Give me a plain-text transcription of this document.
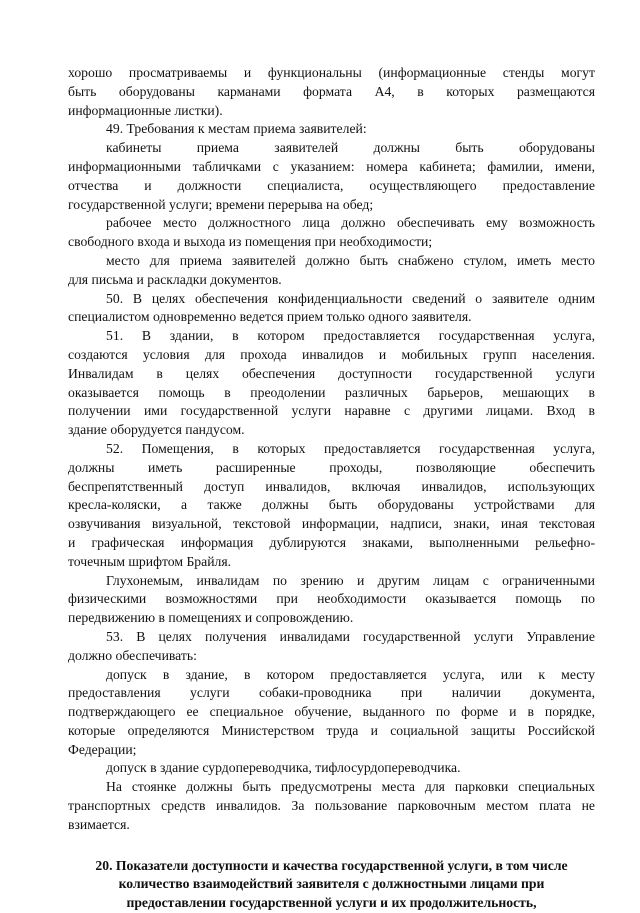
хорошо просматриваемы и функциональны (информационные стенды могут
быть оборудованы карманами формата А4, в которых размещаются
информационные листки).
49. Требования к местам приема заявителей:
кабинеты приема заявителей должны быть оборудованы
информационными табличками с указанием: номера кабинета; фамилии, имени,
отчества и должности специалиста, осуществляющего предоставление
государственной услуги; времени перерыва на обед;
рабочее место должностного лица должно обеспечивать ему возможность
свободного входа и выхода из помещения при необходимости;
место для приема заявителей должно быть снабжено стулом, иметь место
для письма и раскладки документов.
50. В целях обеспечения конфиденциальности сведений о заявителе одним
специалистом одновременно ведется прием только одного заявителя.
51. В здании, в котором предоставляется государственная услуга,
создаются условия для прохода инвалидов и мобильных групп населения.
Инвалидам в целях обеспечения доступности государственной услуги
оказывается помощь в преодолении различных барьеров, мешающих в
получении ими государственной услуги наравне с другими лицами. Вход в
здание оборудуется пандусом.
52. Помещения, в которых предоставляется государственная услуга,
должны иметь расширенные проходы, позволяющие обеспечить
беспрепятственный доступ инвалидов, включая инвалидов, использующих
кресла-коляски, а также должны быть оборудованы устройствами для
озвучивания визуальной, текстовой информации, надписи, знаки, иная текстовая
и графическая информация дублируются знаками, выполненными рельефно-
точечным шрифтом Брайля.
Глухонемым, инвалидам по зрению и другим лицам с ограниченными
физическими возможностями при необходимости оказывается помощь по
передвижению в помещениях и сопровождению.
53. В целях получения инвалидами государственной услуги Управление
должно обеспечивать:
допуск в здание, в котором предоставляется услуга, или к месту
предоставления услуги собаки-проводника при наличии документа,
подтверждающего ее специальное обучение, выданного по форме и в порядке,
которые определяются Министерством труда и социальной защиты Российской
Федерации;
допуск в здание сурдопереводчика, тифлосурдопереводчика.
На стоянке должны быть предусмотрены места для парковки специальных
транспортных средств инвалидов. За пользование парковочным местом плата не
взимается.
20. Показатели доступности и качества государственной услуги, в том числе
количество взаимодействий заявителя с должностными лицами при
предоставлении государственной услуги и их продолжительность,
